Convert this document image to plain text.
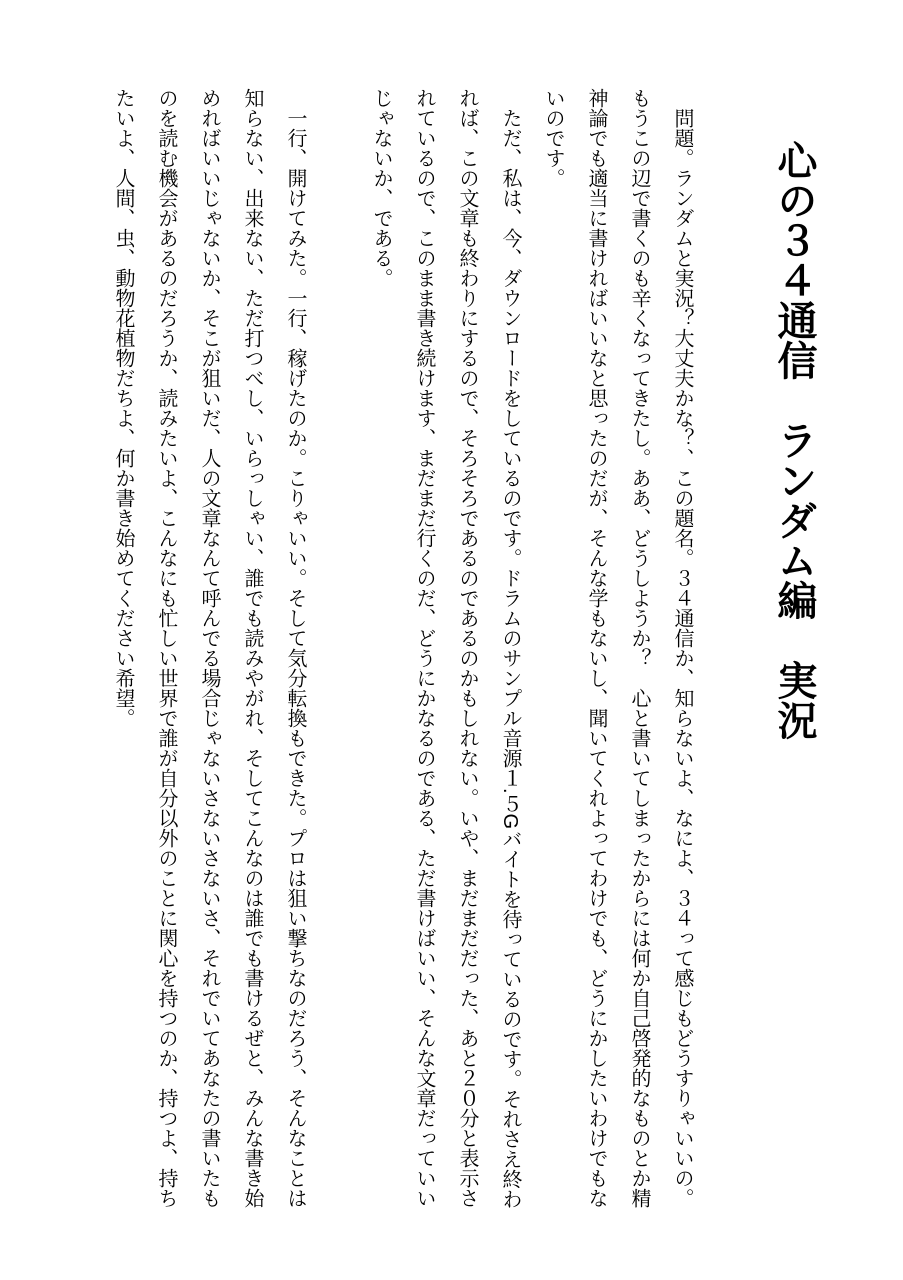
心の３４通信　ランダム編　実況
　問題。ランダムと実況？大丈夫かな？、この題名。３４通信か、知らないよ、なによ、３４って感じもどうすりゃいいの。
もうこの辺で書くのも辛くなってきたし。ああ、どうしようか？　心と書いてしまったからには何か自己啓発的なものとか精
神論でも適当に書ければいいなと思ったのだが、そんな学もないし、聞いてくれよってわけでも、どうにかしたいわけでもな
いのです。
　ただ、私は、今、ダウンロードをしているのです。ドラムのサンプル音源１.５Gバイトを待っているのです。それさえ終わ
れば、この文章も終わりにするので、そろそろであるのであるのかもしれない。いや、まだまだだった、あと２０分と表示さ
れているので、このまま書き続けます、まだまだ行くのだ、どうにかなるのである、ただ書けばいい、そんな文章だっていい
じゃないか、である。
　一行、開けてみた。一行、稼げたのか。こりゃいい。そして気分転換もできた。プロは狙い撃ちなのだろう、そんなことは
知らない、出来ない、ただ打つべし、いらっしゃい、誰でも読みやがれ、そしてこんなのは誰でも書けるぜと、みんな書き始
めればいいじゃないか、そこが狙いだ、人の文章なんて呼んでる場合じゃないさないさないさ、それでいてあなたの書いたも
のを読む機会があるのだろうか、読みたいよ、こんなにも忙しい世界で誰が自分以外のことに関心を持つのか、持つよ、持ち
たいよ、人間、虫、動物花植物だちよ、何か書き始めてください希望。
